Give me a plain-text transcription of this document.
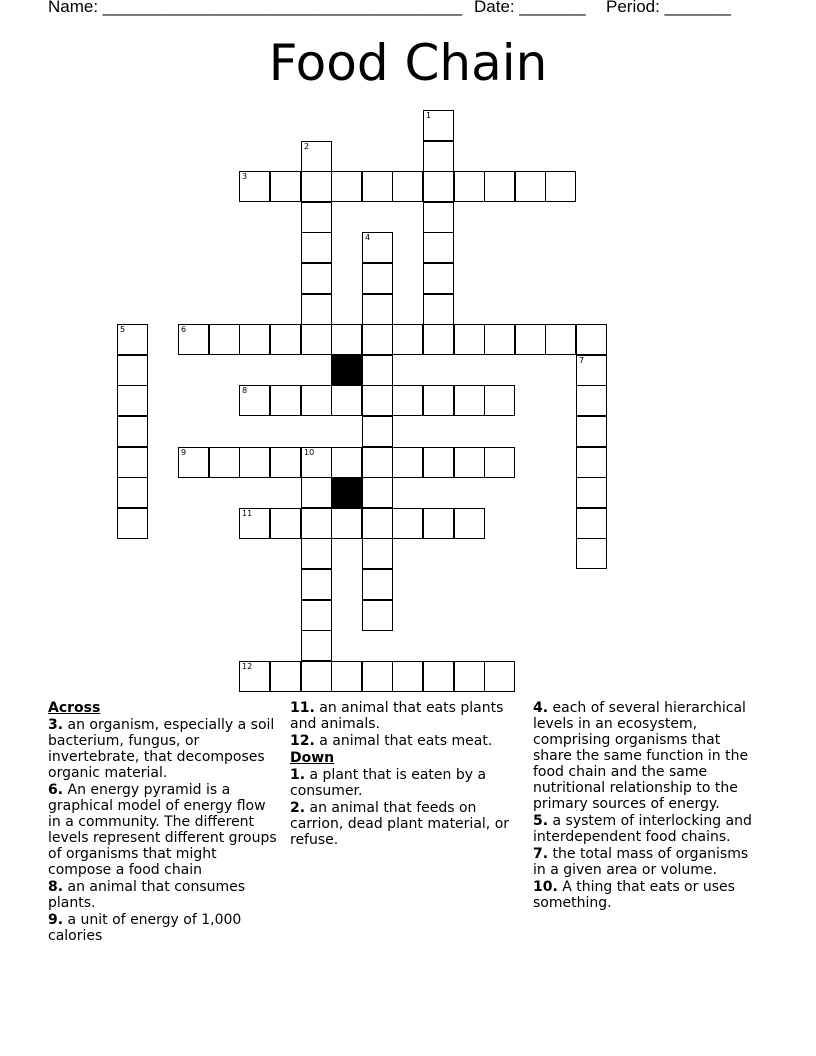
Name: ______________________________________ Date: _______ Period: _______
Food Chain
3
6
8
9	10
11
12
1
2
4
5
7

Across

3. an organism, especially a soil bacterium, fungus, or invertebrate, that decomposes organic material.

6. An energy pyramid is a graphical model of energy flow in a community. The different levels represent different groups of organisms that might compose a food chain

8. an animal that consumes plants.

9. a unit of energy of 1,000 calories

11. an animal that eats plants and animals.

12. a animal that eats meat.

Down

1. a plant that is eaten by a consumer.

2. an animal that feeds on carrion, dead plant material, or refuse.

4. each of several hierarchical levels in an ecosystem, comprising organisms that share the same function in the food chain and the same nutritional relationship to the primary sources of energy.

5. a system of interlocking and interdependent food chains.

7. the total mass of organisms in a given area or volume.

10. A thing that eats or uses something.
